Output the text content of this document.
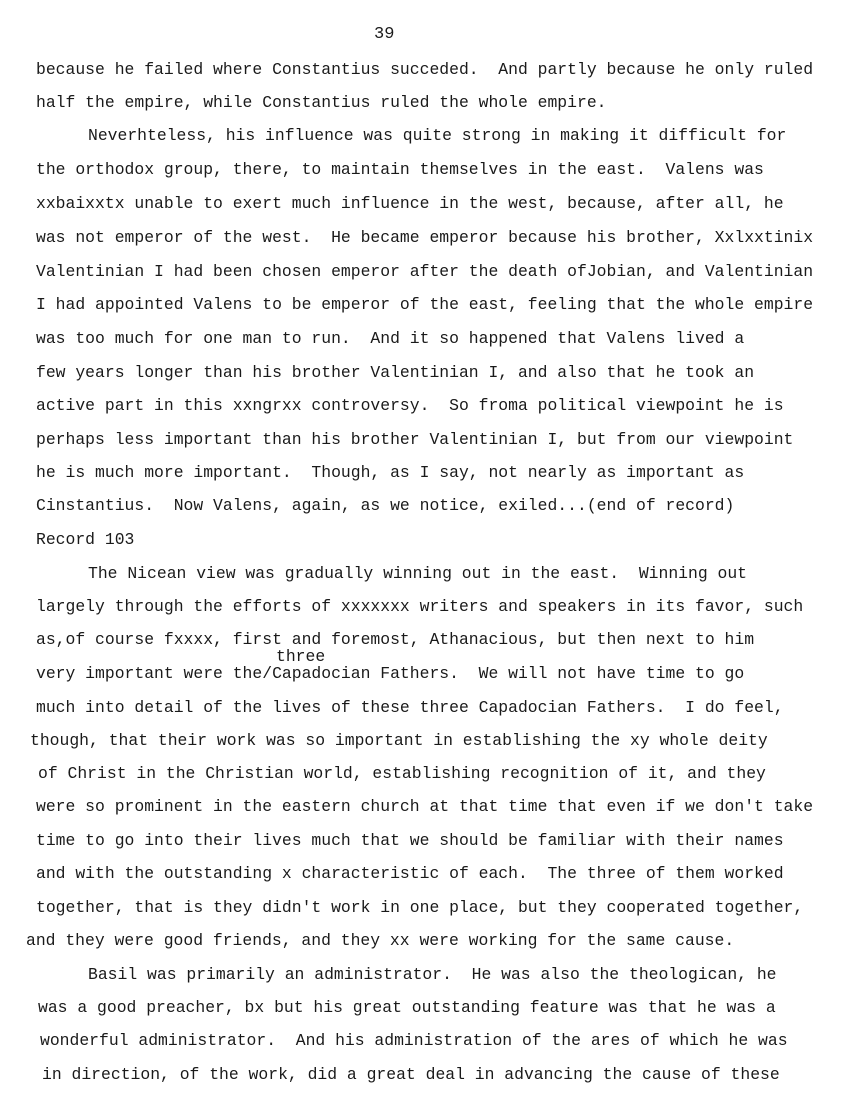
39
because he failed where Constantius succeded.  And partly because he only ruled
half the empire, while Constantius ruled the whole empire.
Neverhteless, his influence was quite strong in making it difficult for
the orthodox group, there, to maintain themselves in the east.  Valens was
xxbaixxtx unable to exert much influence in the west, because, after all, he
was not emperor of the west.  He became emperor because his brother, Xxlxxtinix
Valentinian I had been chosen emperor after the death ofJobian, and Valentinian
I had appointed Valens to be emperor of the east, feeling that the whole empire
was too much for one man to run.  And it so happened that Valens lived a
few years longer than his brother Valentinian I, and also that he took an
active part in this xxngrxx controversy.  So froma political viewpoint he is
perhaps less important than his brother Valentinian I, but from our viewpoint
he is much more important.  Though, as I say, not nearly as important as
Cinstantius.  Now Valens, again, as we notice, exiled...(end of record)
Record 103
The Nicean view was gradually winning out in the east.  Winning out
largely through the efforts of xxxxxxx writers and speakers in its favor, such
as,of course fxxxx, first and foremost, Athanacious, but then next to him
three
very important were the/Capadocian Fathers.  We will not have time to go
much into detail of the lives of these three Capadocian Fathers.  I do feel,
though, that their work was so important in establishing the xy whole deity
of Christ in the Christian world, establishing recognition of it, and they
were so prominent in the eastern church at that time that even if we don't take
time to go into their lives much that we should be familiar with their names
and with the outstanding x characteristic of each.  The three of them worked
together, that is they didn't work in one place, but they cooperated together,
and they were good friends, and they xx were working for the same cause.
Basil was primarily an administrator.  He was also the theologican, he
was a good preacher, bx but his great outstanding feature was that he was a
wonderful administrator.  And his administration of the ares of which he was
in direction, of the work, did a great deal in advancing the cause of these
